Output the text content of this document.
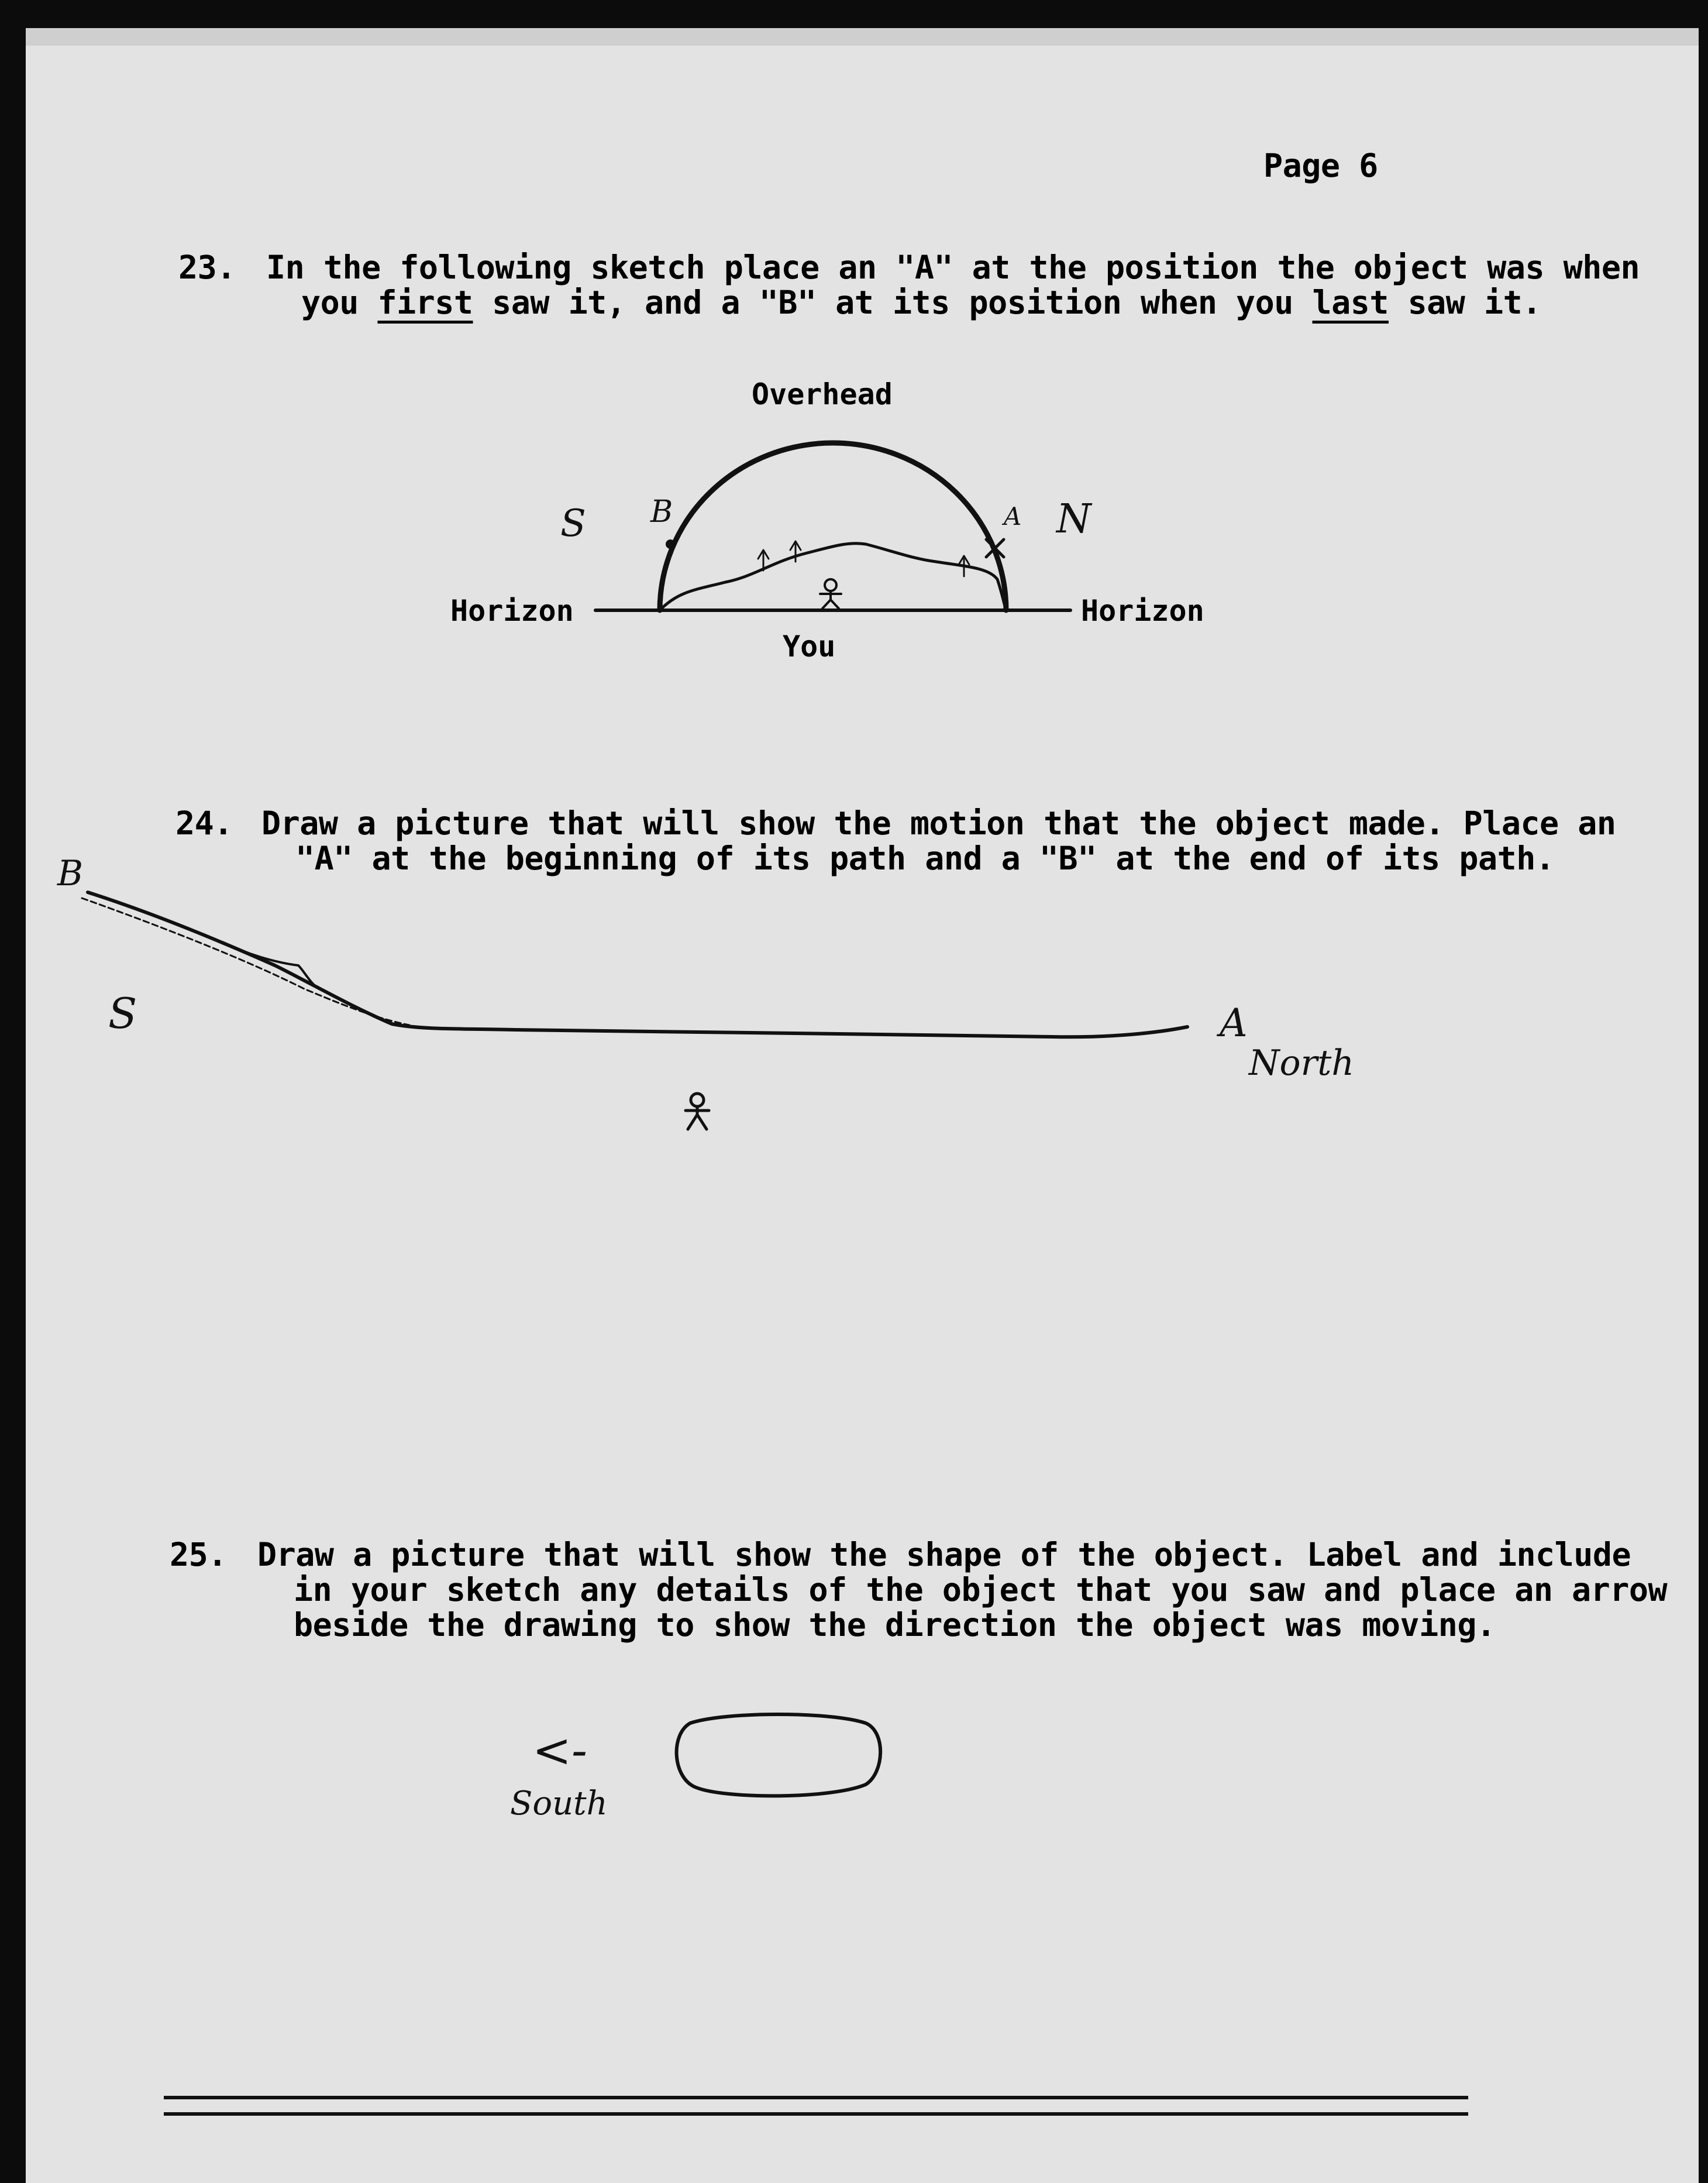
Page 6
23. In the following sketch place an "A" at the position the object was when
you first saw it, and a "B" at its position when you last saw it.
Overhead
Horizon	Horizon
You
S B	A N
24. Draw a picture that will show the motion that the object made. Place an
"A" at the beginning of its path and a "B" at the end of its path.
B
S	A
North
25. Draw a picture that will show the shape of the object. Label and include
in your sketch any details of the object that you saw and place an arrow
beside the drawing to show the direction the object was moving.
<-
South
